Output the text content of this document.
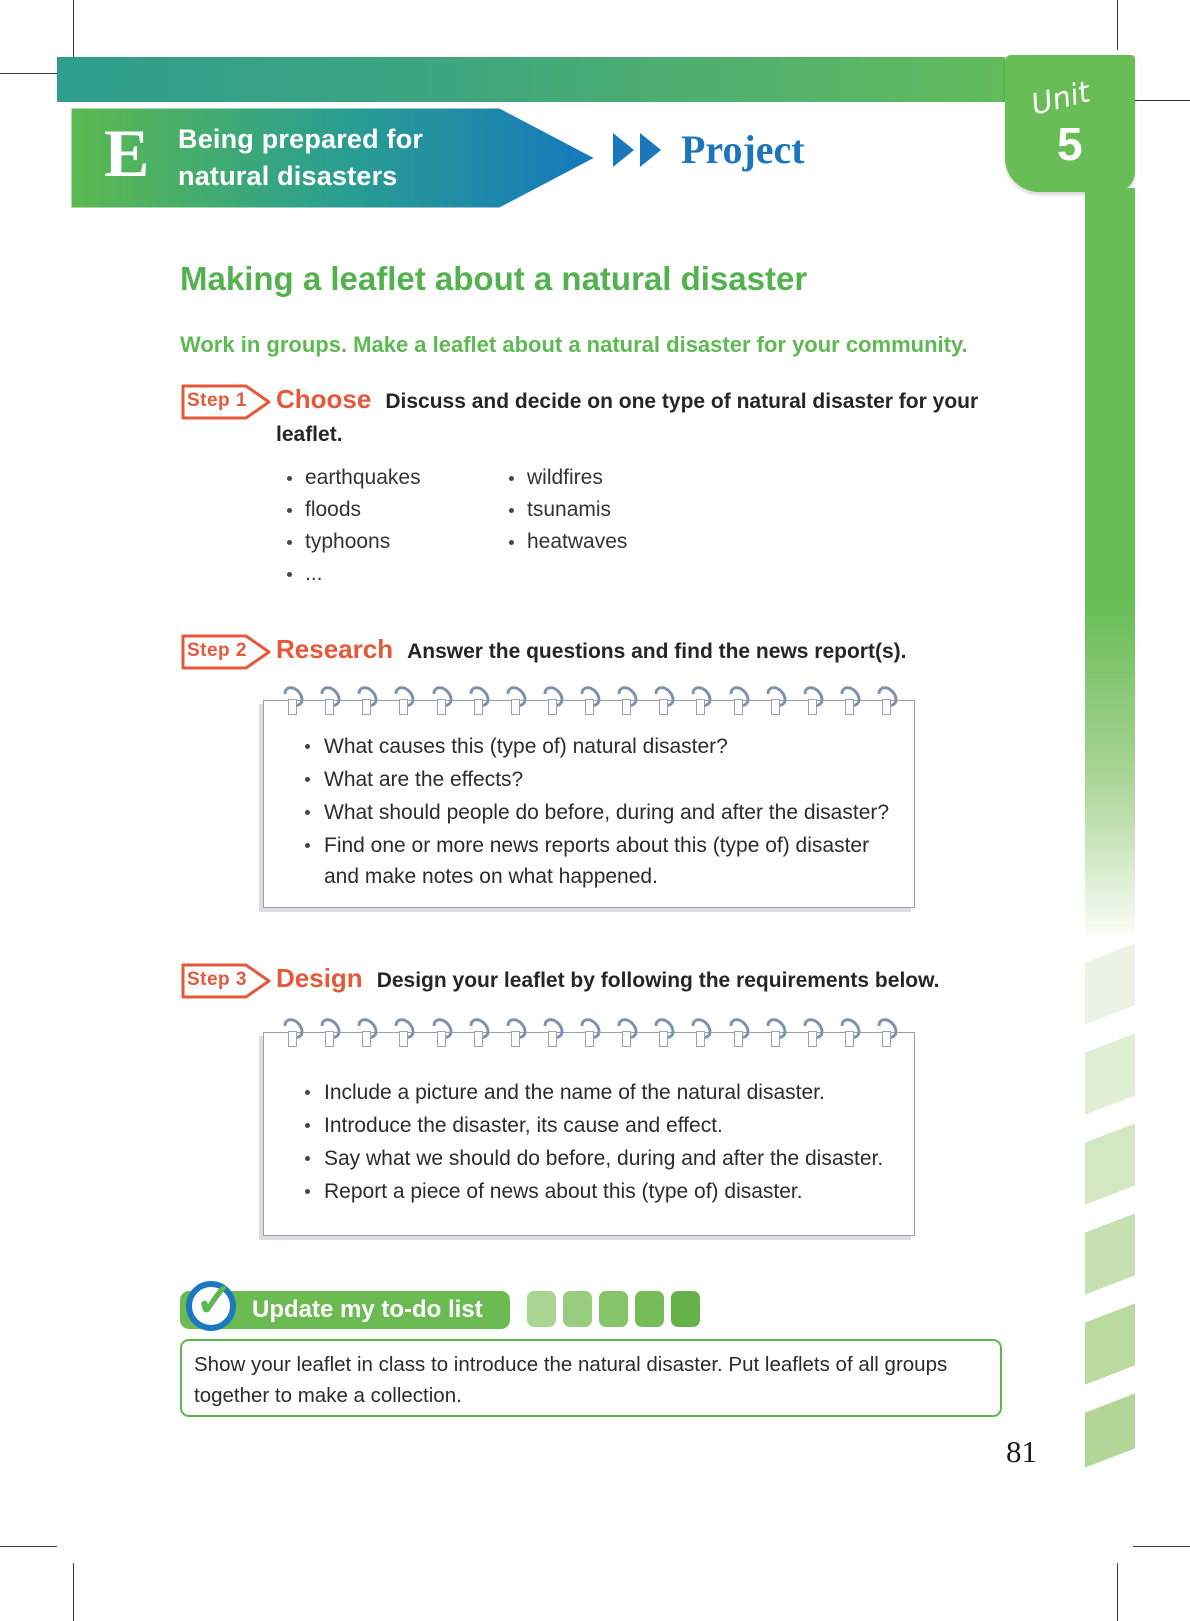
E Being prepared for
natural disasters
Project
Unit
5
Making a leaflet about a natural disaster
Work in groups. Make a leaflet about a natural disaster for your community.
Step 1 Choose Discuss and decide on one type of natural disaster for your leaflet.
earthquakes
floods
typhoons
...
wildfires
tsunamis
heatwaves
Step 2 Research Answer the questions and find the news report(s).
What causes this (type of) natural disaster?
What are the effects?
What should people do before, during and after the disaster?
Find one or more news reports about this (type of) disaster and make notes on what happened.
Step 3 Design Design your leaflet by following the requirements below.
Include a picture and the name of the natural disaster.
Introduce the disaster, its cause and effect.
Say what we should do before, during and after the disaster.
Report a piece of news about this (type of) disaster.
Update my to-do list
✓

Show your leaflet in class to introduce the natural disaster. Put leaflets of all groups together to make a collection.

81
